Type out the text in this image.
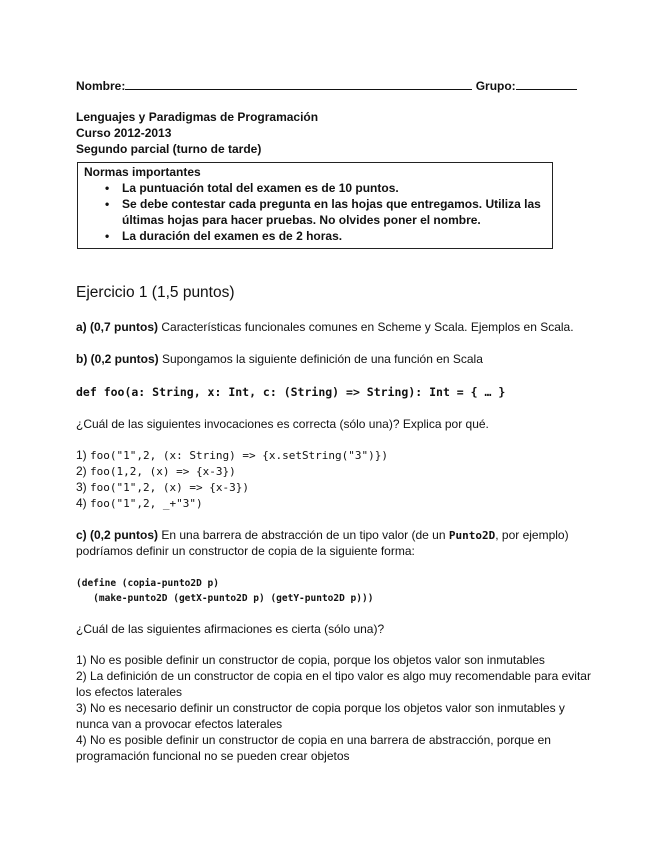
Nombre:	Grupo:
Lenguajes y Paradigmas de Programación
Curso 2012-2013
Segundo parcial (turno de tarde)
Normas importantes
• La puntuación total del examen es de 10 puntos.
• Se debe contestar cada pregunta en las hojas que entregamos. Utiliza las
últimas hojas para hacer pruebas. No olvides poner el nombre.
• La duración del examen es de 2 horas.
Ejercicio 1 (1,5 puntos)
a) (0,7 puntos) Características funcionales comunes en Scheme y Scala. Ejemplos en Scala.
b) (0,2 puntos) Supongamos la siguiente definición de una función en Scala
def foo(a: String, x: Int, c: (String) => String): Int = { … }
¿Cuál de las siguientes invocaciones es correcta (sólo una)? Explica por qué.
1) foo("1",2, (x: String) => {x.setString("3")})
2) foo(1,2, (x) => {x-3})
3) foo("1",2, (x) => {x-3})
4) foo("1",2, _+"3")
c) (0,2 puntos) En una barrera de abstracción de un tipo valor (de un Punto2D, por ejemplo)
podríamos definir un constructor de copia de la siguiente forma:
(define (copia-punto2D p)
(make-punto2D (getX-punto2D p) (getY-punto2D p)))
¿Cuál de las siguientes afirmaciones es cierta (sólo una)?
1) No es posible definir un constructor de copia, porque los objetos valor son inmutables
2) La definición de un constructor de copia en el tipo valor es algo muy recomendable para evitar
los efectos laterales
3) No es necesario definir un constructor de copia porque los objetos valor son inmutables y
nunca van a provocar efectos laterales
4) No es posible definir un constructor de copia en una barrera de abstracción, porque en
programación funcional no se pueden crear objetos
